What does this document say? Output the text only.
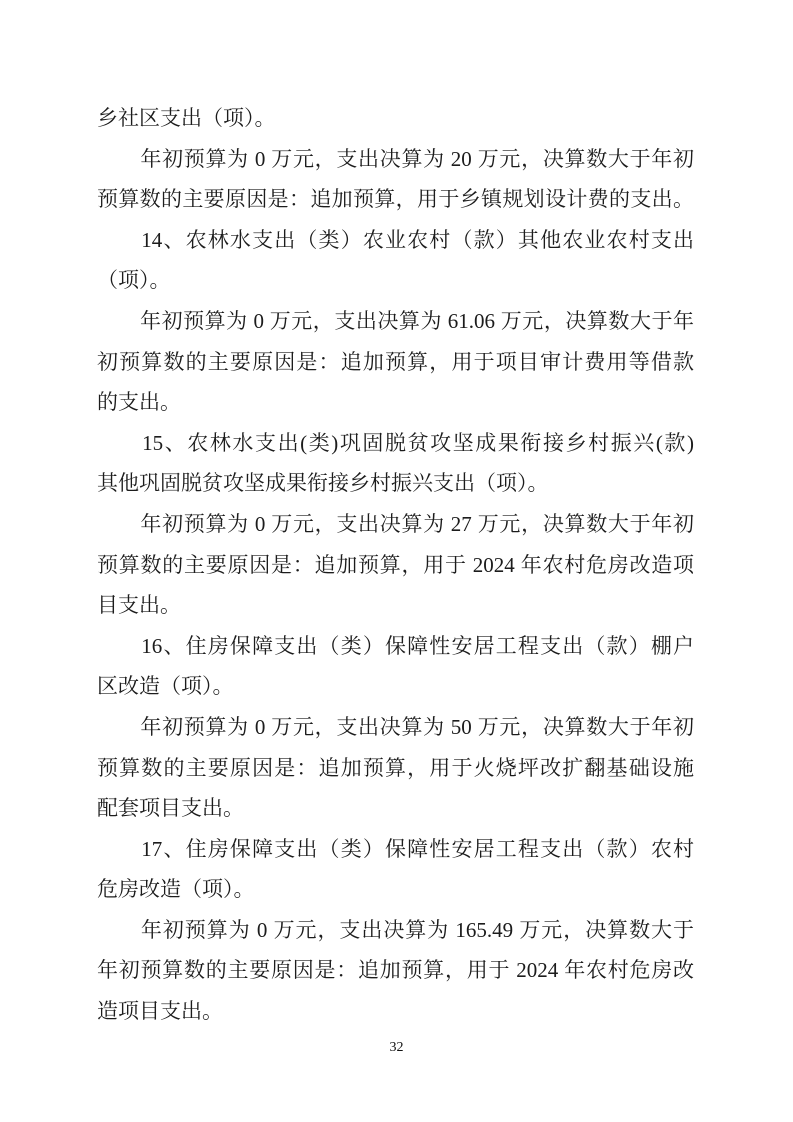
乡社区支出（项）。
　　年初预算为 0 万元，支出决算为 20 万元，决算数大于年初
预算数的主要原因是：追加预算，用于乡镇规划设计费的支出。
　　14、农林水支出（类）农业农村（款）其他农业农村支出
（项）。
　　年初预算为 0 万元，支出决算为 61.06 万元，决算数大于年
初预算数的主要原因是：追加预算，用于项目审计费用等借款
的支出。
　　15、农林水支出(类)巩固脱贫攻坚成果衔接乡村振兴(款)
其他巩固脱贫攻坚成果衔接乡村振兴支出（项）。
　　年初预算为 0 万元，支出决算为 27 万元，决算数大于年初
预算数的主要原因是：追加预算，用于 2024 年农村危房改造项
目支出。
　　16、住房保障支出（类）保障性安居工程支出（款）棚户
区改造（项）。
　　年初预算为 0 万元，支出决算为 50 万元，决算数大于年初
预算数的主要原因是：追加预算，用于火烧坪改扩翻基础设施
配套项目支出。
　　17、住房保障支出（类）保障性安居工程支出（款）农村
危房改造（项）。
　　年初预算为 0 万元，支出决算为 165.49 万元，决算数大于
年初预算数的主要原因是：追加预算，用于 2024 年农村危房改
造项目支出。
32
